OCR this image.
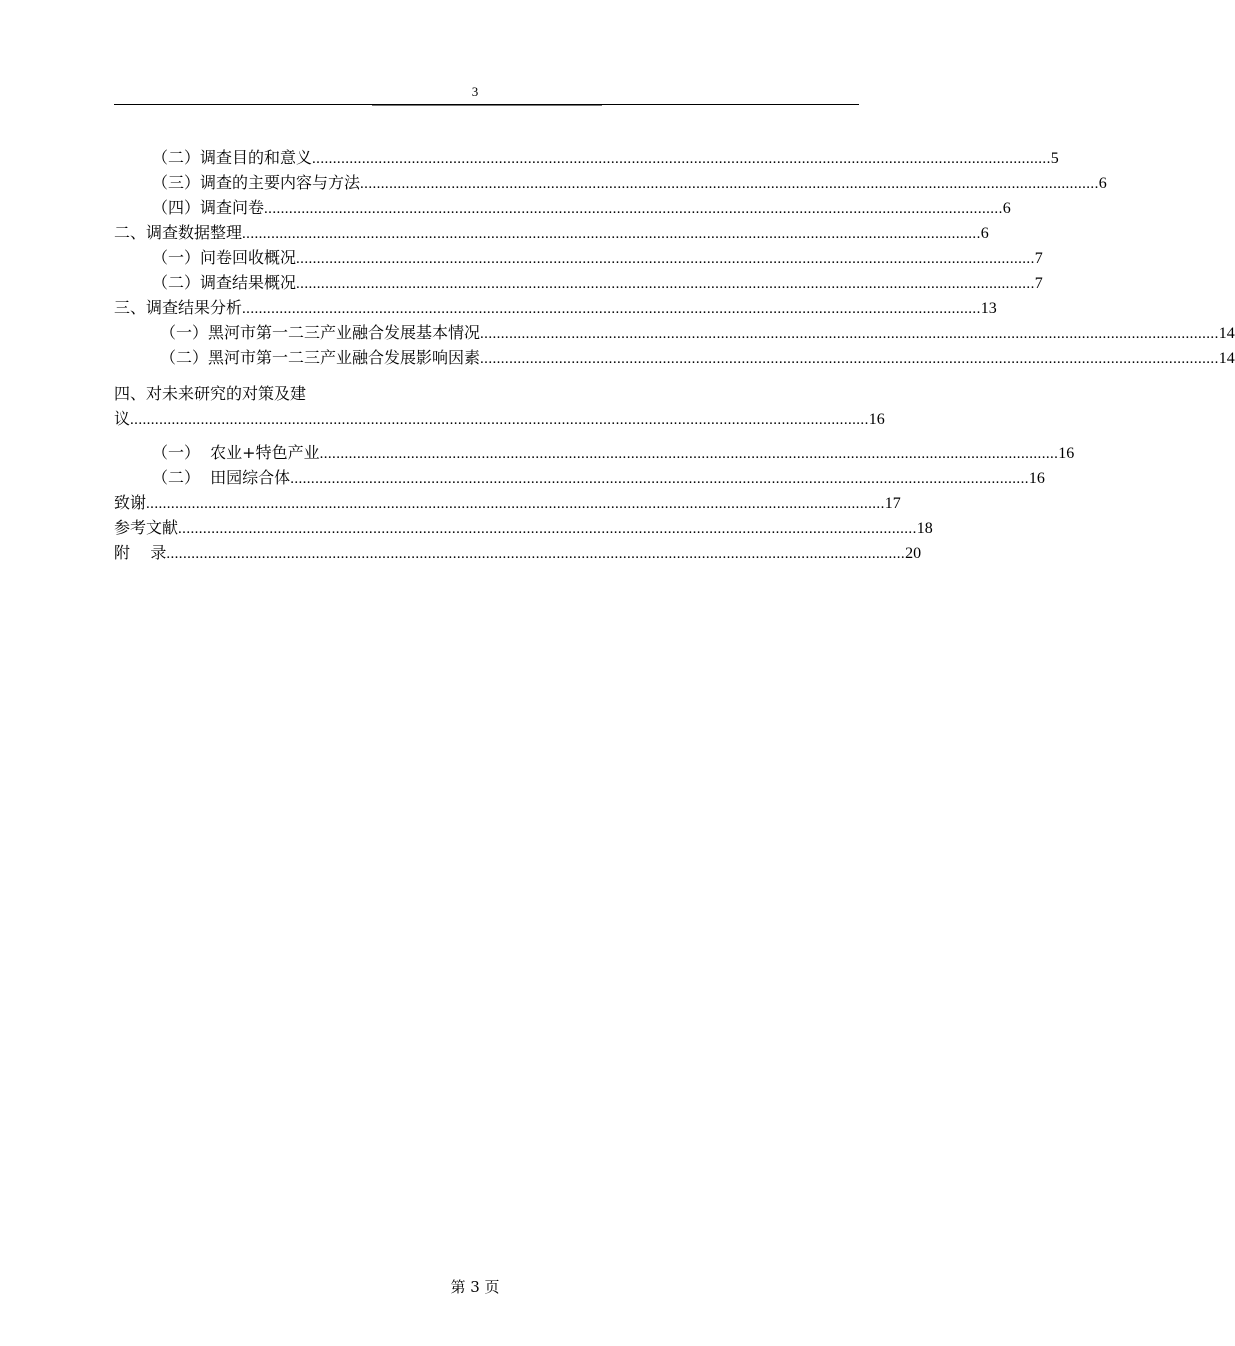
3
（二）调查目的和意义 .................................................................................................................................................................................. 5
（三）调查的主要内容与方法 .................................................................................................................................................................................. 6
（四）调查问卷 .................................................................................................................................................................................. 6
二、调查数据整理 .................................................................................................................................................................................. 6
（一）问卷回收概况 .................................................................................................................................................................................. 7
（二）调查结果概况 .................................................................................................................................................................................. 7
三、调查结果分析 .................................................................................................................................................................................. 13
（一）黑河市第一二三产业融合发展基本情况 .................................................................................................................................................................................. 14
（二）黑河市第一二三产业融合发展影响因素 .................................................................................................................................................................................. 14
四、对未来研究的对策及建
议 .................................................................................................................................................................................. 16
（一）  农业+特色产业 .................................................................................................................................................................................. 16
（二）  田园综合体 .................................................................................................................................................................................. 16
致谢 .................................................................................................................................................................................. 17
参考文献 .................................................................................................................................................................................. 18
附    录 .................................................................................................................................................................................. 20
第 3 页
